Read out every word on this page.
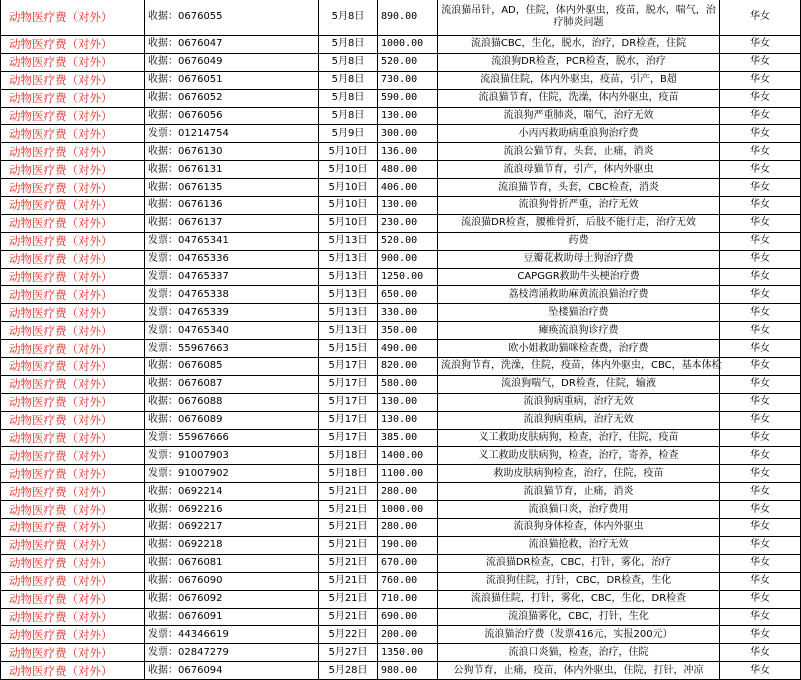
动物医疗费（对外）	收据：0676055	5月8日	890.00	流浪猫吊针，AD，住院，体内外驱虫，疫苗，脱水，喘气，治疗肺炎问题	华女
动物医疗费（对外）	收据：0676047	5月8日	1000.00	流浪猫CBC，生化，脱水，治疗，DR检查，住院	华女
动物医疗费（对外）	收据：0676049	5月8日	520.00	流浪狗DR检查，PCR检查，脱水，治疗	华女
动物医疗费（对外）	收据：0676051	5月8日	730.00	流浪猫住院，体内外驱虫，疫苗，引产，B超	华女
动物医疗费（对外）	收据：0676052	5月8日	590.00	流浪猫节育，住院，洗澡，体内外驱虫，疫苗	华女
动物医疗费（对外）	收据：0676056	5月8日	130.00	流浪狗严重肺炎，喘气，治疗无效	华女
动物医疗费（对外）	发票：01214754	5月9日	300.00	小丙丙救助病重浪狗治疗费	华女
动物医疗费（对外）	收据：0676130	5月10日	136.00	流浪公猫节育，头套，止痛，消炎	华女
动物医疗费（对外）	收据：0676131	5月10日	480.00	流浪母猫节育，引产，体内外驱虫	华女
动物医疗费（对外）	收据：0676135	5月10日	406.00	流浪猫节育，头套，CBC检查，消炎	华女
动物医疗费（对外）	收据：0676136	5月10日	130.00	流浪狗骨折严重，治疗无效	华女
动物医疗费（对外）	收据：0676137	5月10日	230.00	流浪猫DR检查，腰椎骨折，后肢不能行走，治疗无效	华女
动物医疗费（对外）	发票：04765341	5月13日	520.00	药费	华女
动物医疗费（对外）	发票：04765336	5月13日	900.00	豆瓣花救助母土狗治疗费	华女
动物医疗费（对外）	发票：04765337	5月13日	1250.00	CAPGGR救助牛头梗治疗费	华女
动物医疗费（对外）	发票：04765338	5月13日	650.00	荔枝湾涌救助麻黄流浪猫治疗费	华女
动物医疗费（对外）	发票：04765339	5月13日	330.00	坠楼猫治疗费	华女
动物医疗费（对外）	发票：04765340	5月13日	350.00	瘫痪流浪狗诊疗费	华女
动物医疗费（对外）	发票：55967663	5月15日	490.00	欧小姐救助猫咪检查费，治疗费	华女
动物医疗费（对外）	收据：0676085	5月17日	820.00	流浪狗节育，洗澡，住院，疫苗，体内外驱虫，CBC，基本体检	华女
动物医疗费（对外）	收据：0676087	5月17日	580.00	流浪狗喘气，DR检查，住院，输液	华女
动物医疗费（对外）	收据：0676088	5月17日	130.00	流浪狗病重病，治疗无效	华女
动物医疗费（对外）	收据：0676089	5月17日	130.00	流浪狗病重病，治疗无效	华女
动物医疗费（对外）	发票：55967666	5月17日	385.00	义工救助皮肤病狗，检查，治疗，住院，疫苗	华女
动物医疗费（对外）	发票：91007903	5月18日	1400.00	义工救助皮肤病狗，检查，治疗，寄养，检查	华女
动物医疗费（对外）	发票：91007902	5月18日	1100.00	救助皮肤病狗检查，治疗，住院，疫苗	华女
动物医疗费（对外）	收据：0692214	5月21日	280.00	流浪猫节育，止痛，消炎	华女
动物医疗费（对外）	收据：0692216	5月21日	1000.00	流浪猫口炎，治疗费用	华女
动物医疗费（对外）	收据：0692217	5月21日	280.00	流浪狗身体检查，体内外驱虫	华女
动物医疗费（对外）	收据：0692218	5月21日	190.00	流浪猫抢救，治疗无效	华女
动物医疗费（对外）	收据：0676081	5月21日	670.00	流浪猫DR检查，CBC，打针，雾化，治疗	华女
动物医疗费（对外）	收据：0676090	5月21日	760.00	流浪狗住院，打针，CBC，DR检查，生化	华女
动物医疗费（对外）	收据：0676092	5月21日	710.00	流浪猫住院，打针，雾化，CBC，生化，DR检查	华女
动物医疗费（对外）	收据：0676091	5月21日	690.00	流浪猫雾化，CBC，打针，生化	华女
动物医疗费（对外）	发票：44346619	5月22日	200.00	流浪猫治疗费（发票416元，实报200元）	华女
动物医疗费（对外）	发票：02847279	5月27日	1350.00	流浪口炎猫，检查，治疗，住院	华女
动物医疗费（对外）	收据：0676094	5月28日	980.00	公狗节育，止痛，疫苗，体内外驱虫，住院，打针，冲凉	华女
